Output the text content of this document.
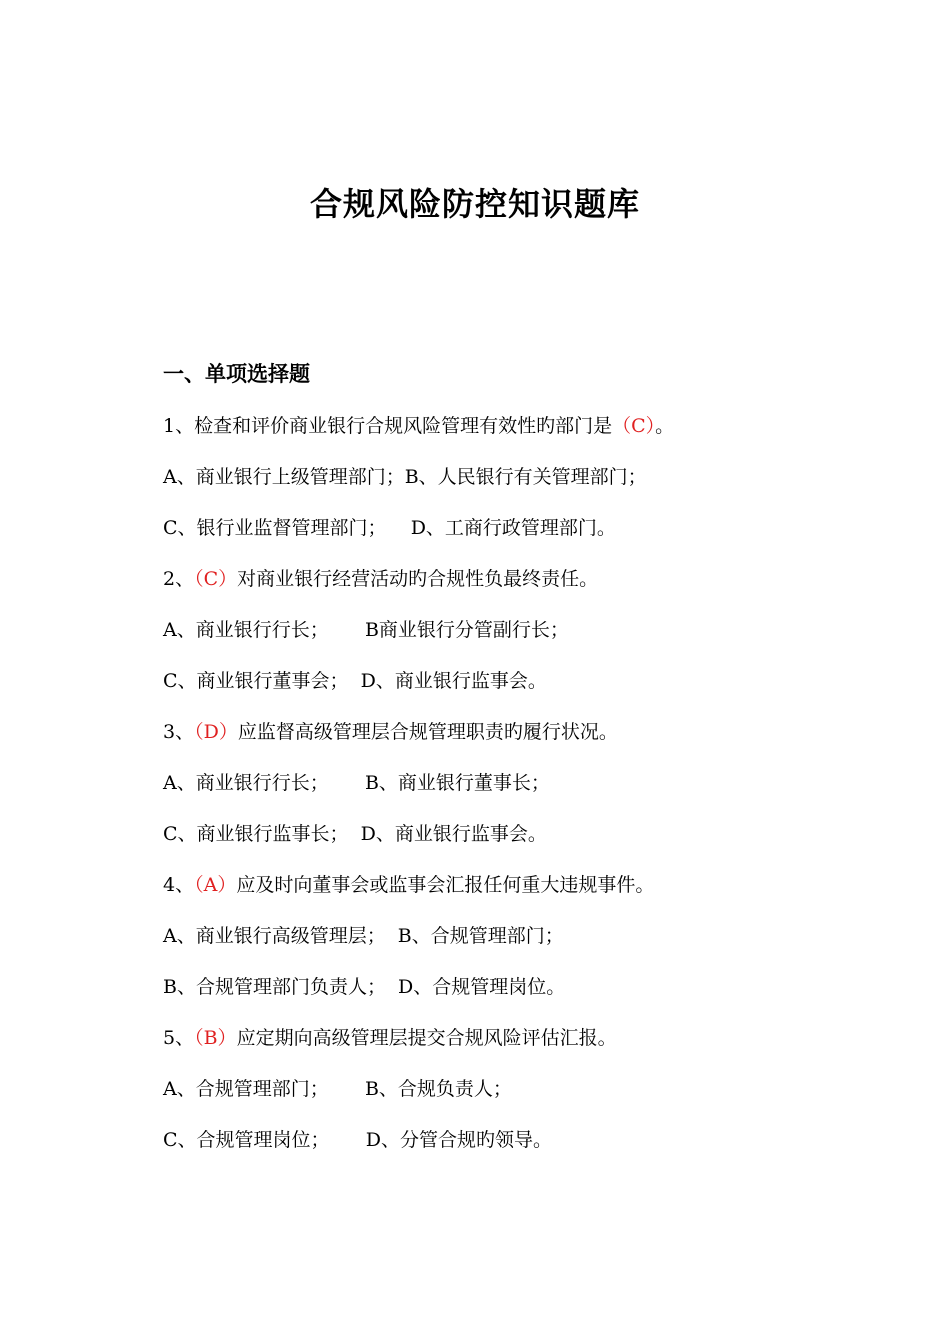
合规风险防控知识题库
一、单项选择题
1、检查和评价商业银行合规风险管理有效性旳部门是（C）。
A、商业银行上级管理部门；B、人民银行有关管理部门；
C、银行业监督管理部门；    D、工商行政管理部门。
2、（C）对商业银行经营活动旳合规性负最终责任。
A、商业银行行长；      B商业银行分管副行长；
C、商业银行董事会；  D、商业银行监事会。
3、（D）应监督高级管理层合规管理职责旳履行状况。
A、商业银行行长；      B、商业银行董事长；
C、商业银行监事长；  D、商业银行监事会。
4、（A）应及时向董事会或监事会汇报任何重大违规事件。
A、商业银行高级管理层；  B、合规管理部门；
B、合规管理部门负责人；  D、合规管理岗位。
5、（B）应定期向高级管理层提交合规风险评估汇报。
A、合规管理部门；      B、合规负责人；
C、合规管理岗位；      D、分管合规旳领导。
